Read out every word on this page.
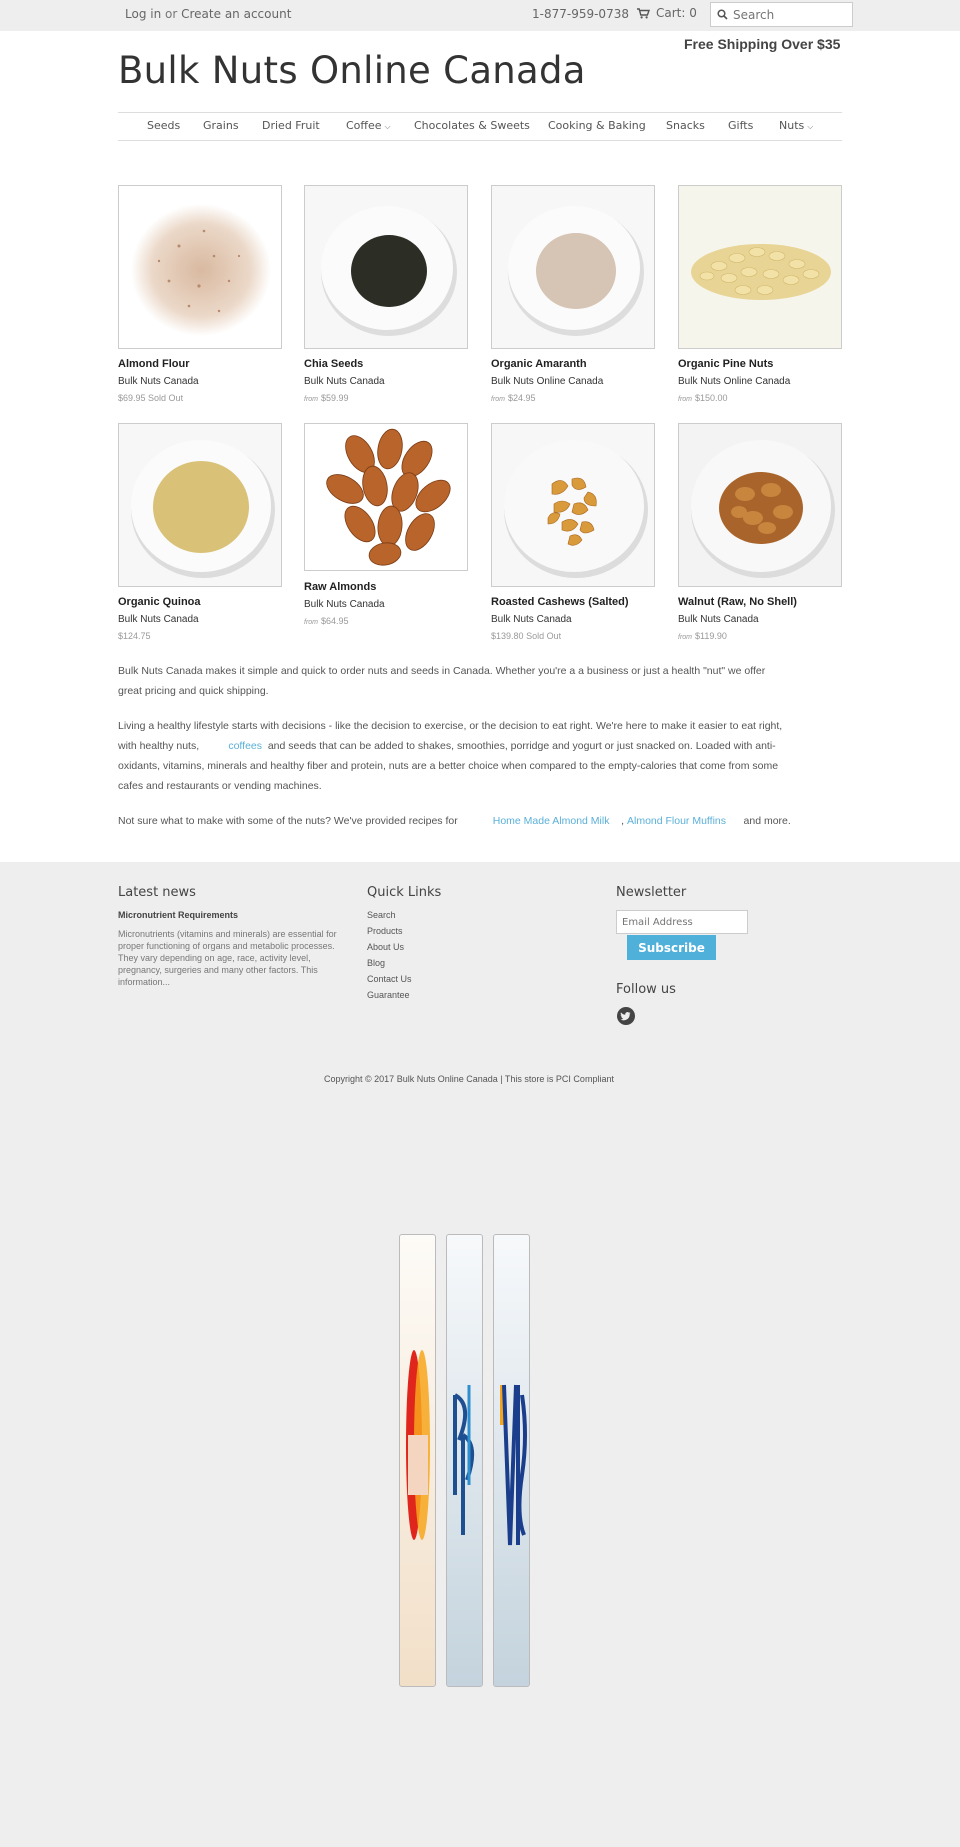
Log in or Create an account	1-877-959-0738 Cart: 0
Search
Bulk Nuts Online Canada
Free Shipping Over $35
Seeds Grains Dried Fruit Coffee ⌵ Chocolates & Sweets Cooking & Baking Snacks Gifts Nuts ⌵
Almond Flour
Bulk Nuts Canada
$69.95 Sold Out
Chia Seeds
Bulk Nuts Canada
from $59.99
Organic Amaranth
Bulk Nuts Online Canada
from $24.95
Organic Pine Nuts
Bulk Nuts Online Canada
from $150.00
Organic Quinoa
Bulk Nuts Canada
$124.75
Raw Almonds
Bulk Nuts Canada
from $64.95
Roasted Cashews (Salted)
Bulk Nuts Canada
$139.80 Sold Out
Walnut (Raw, No Shell)
Bulk Nuts Canada
from $119.90

Bulk Nuts Canada makes it simple and quick to order nuts and seeds in Canada. Whether you're a a business or just a health "nut" we offer great pricing and quick shipping.

Living a healthy lifestyle starts with decisions - like the decision to exercise, or the decision to eat right. We're here to make it easier to eat right, with healthy nuts,	coffees and seeds that can be added to shakes, smoothies, porridge and yogurt or just snacked on. Loaded with anti-oxidants, vitamins, minerals and healthy fiber and protein, nuts are a better choice when compared to the empty-calories that come from some cafes and restaurants or vending machines.

Not sure what to make with some of the nuts? We've provided recipes for	Home Made Almond Milk , Almond Flour Muffins and more.

Latest news
Micronutrient Requirements

Micronutrients (vitamins and minerals) are essential for proper functioning of organs and metabolic processes. They vary depending on age, race, activity level, pregnancy, surgeries and many other factors. This information...

Quick Links
Search
Products
About Us
Blog
Contact Us
Guarantee
Newsletter
Email Address
Subscribe
Follow us
Copyright © 2017 Bulk Nuts Online Canada | This store is PCI Compliant
